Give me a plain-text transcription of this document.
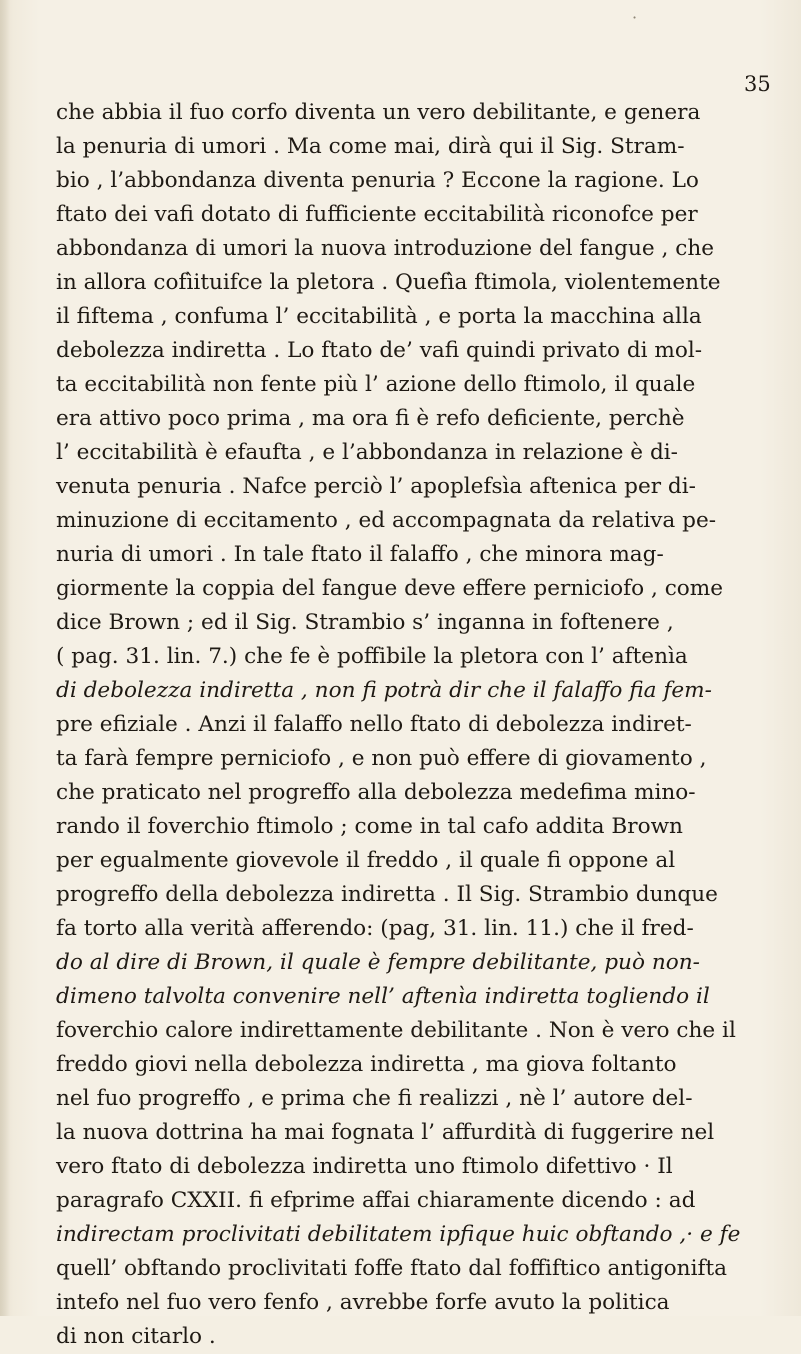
·
35
che abbia il fuo corfo diventa un vero debilitante, e genera
la penuria di umori . Ma come mai, dirà qui il Sig. Stram-
bio , l’abbondanza diventa penuria ? Eccone la ragione. Lo
ftato dei vafi dotato di fufficiente eccitabilità riconofce per
abbondanza di umori la nuova introduzione del fangue , che
in allora cofìituifce la pletora . Quefìa ftimola, violentemente
il fiftema , confuma l’ eccitabilità , e porta la macchina alla
debolezza indiretta . Lo ftato de’ vafi quindi privato di mol-
ta eccitabilità non fente più l’ azione dello ftimolo, il quale
era attivo poco prima , ma ora fi è refo deficiente, perchè
l’ eccitabilità è efaufta , e l’abbondanza in relazione è di-
venuta penuria . Nafce perciò l’ apoplefsìa aftenica per di-
minuzione di eccitamento , ed accompagnata da relativa pe-
nuria di umori . In tale ftato il falaffo , che minora mag-
giormente la coppia del fangue deve effere perniciofo , come
dice Brown ; ed il Sig. Strambio s’ inganna in foftenere ,
( pag. 31. lin. 7.) che fe è poffibile la pletora con l’ aftenìa
di debolezza indiretta , non fi potrà dir che il falaffo fia fem-
pre efiziale . Anzi il falaffo nello ftato di debolezza indiret-
ta farà fempre perniciofo , e non può effere di giovamento ,
che praticato nel progreffo alla debolezza medefima mino-
rando il foverchio ftimolo ; come in tal cafo addita Brown
per egualmente giovevole il freddo , il quale fi oppone al
progreffo della debolezza indiretta . Il Sig. Strambio dunque
fa torto alla verità afferendo: (pag, 31. lin. 11.) che il fred-
do al dire di Brown, il quale è fempre debilitante, può non-
dimeno talvolta convenire nell’ aftenìa indiretta togliendo il
foverchio calore indirettamente debilitante . Non è vero che il
freddo giovi nella debolezza indiretta , ma giova foltanto
nel fuo progreffo , e prima che fi realizzi , nè l’ autore del-
la nuova dottrina ha mai fognata l’ affurdità di fuggerire nel
vero ftato di debolezza indiretta uno ftimolo difettivo · Il
paragrafo CXXII. fi efprime affai chiaramente dicendo : ad
indirectam proclivitati debilitatem ipfique huic obftando ,· e fe
quell’ obftando proclivitati foffe ftato dal foffiftico antigonifta
intefo nel fuo vero fenfo , avrebbe forfe avuto la politica
di non citarlo .
